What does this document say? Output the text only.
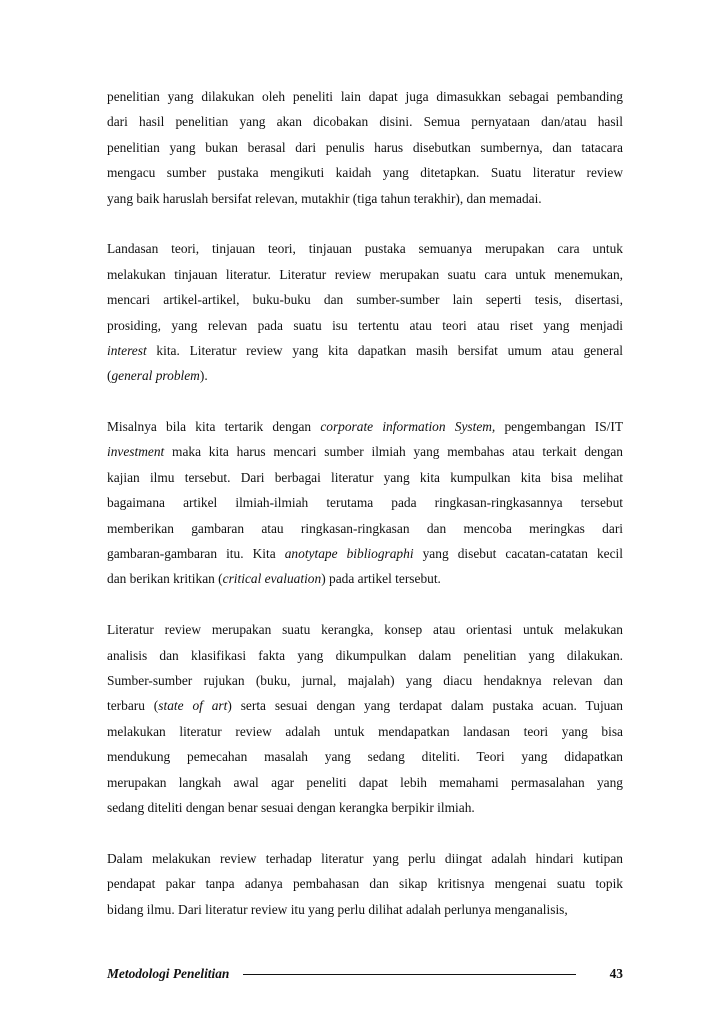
penelitian yang dilakukan oleh peneliti lain dapat juga dimasukkan sebagai pembanding
dari hasil penelitian yang akan dicobakan disini. Semua pernyataan dan/atau hasil
penelitian yang bukan berasal dari penulis harus disebutkan sumbernya, dan tatacara
mengacu sumber pustaka mengikuti kaidah yang ditetapkan. Suatu literatur review
yang baik haruslah bersifat relevan, mutakhir (tiga tahun terakhir), dan memadai.
Landasan teori, tinjauan teori, tinjauan pustaka semuanya merupakan cara untuk
melakukan tinjauan literatur. Literatur review merupakan suatu cara untuk menemukan,
mencari artikel-artikel, buku-buku dan sumber-sumber lain seperti tesis, disertasi,
prosiding, yang relevan pada suatu isu tertentu atau teori atau riset yang menjadi
interest kita. Literatur review yang kita dapatkan masih bersifat umum atau general
(general problem).
Misalnya bila kita tertarik dengan corporate information System, pengembangan IS/IT
investment maka kita harus mencari sumber ilmiah yang membahas atau terkait dengan
kajian ilmu tersebut. Dari berbagai literatur yang kita kumpulkan kita bisa melihat
bagaimana artikel ilmiah-ilmiah terutama pada ringkasan-ringkasannya tersebut
memberikan gambaran atau ringkasan-ringkasan dan mencoba meringkas dari
gambaran-gambaran itu. Kita anotytape bibliographi yang disebut cacatan-catatan kecil
dan berikan kritikan (critical evaluation) pada artikel tersebut.
Literatur review merupakan suatu kerangka, konsep atau orientasi untuk melakukan
analisis dan klasifikasi fakta yang dikumpulkan dalam penelitian yang dilakukan.
Sumber-sumber rujukan (buku, jurnal, majalah) yang diacu hendaknya relevan dan
terbaru (state of art) serta sesuai dengan yang terdapat dalam pustaka acuan. Tujuan
melakukan literatur review adalah untuk mendapatkan landasan teori yang bisa
mendukung pemecahan masalah yang sedang diteliti. Teori yang didapatkan
merupakan langkah awal agar peneliti dapat lebih memahami permasalahan yang
sedang diteliti dengan benar sesuai dengan kerangka berpikir ilmiah.
Dalam melakukan review terhadap literatur yang perlu diingat adalah hindari kutipan
pendapat pakar tanpa adanya pembahasan dan sikap kritisnya mengenai suatu topik
bidang ilmu. Dari literatur review itu yang perlu dilihat adalah perlunya menganalisis,
Metodologi Penelitian	43
